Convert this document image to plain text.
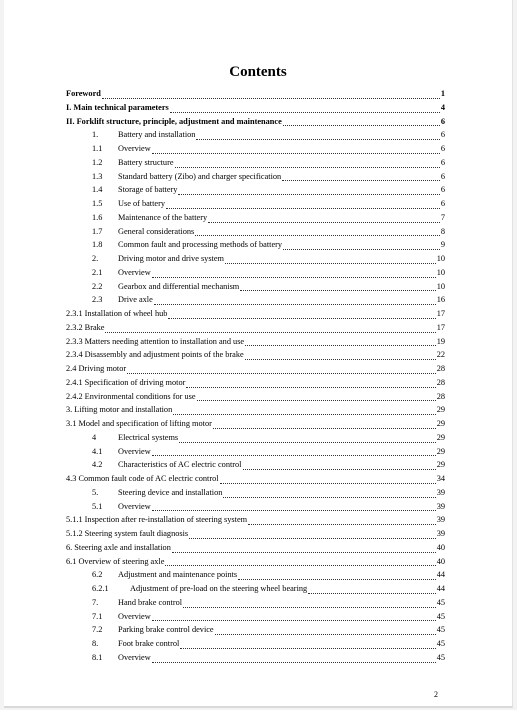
Contents
Foreword	1
I. Main technical parameters	4
II. Forklift structure, principle, adjustment and maintenance	6
1.	Battery and installation	6
1.1	Overview	6
1.2	Battery structure	6
1.3	Standard battery (Zibo) and charger specification	6
1.4	Storage of battery	6
1.5	Use of battery	6
1.6	Maintenance of the battery	7
1.7	General considerations	8
1.8	Common fault and processing methods of battery	9
2.	Driving motor and drive system	10
2.1	Overview	10
2.2	Gearbox and differential mechanism	10
2.3	Drive axle	16
2.3.1 Installation of wheel hub	17
2.3.2 Brake	17
2.3.3 Matters needing attention to installation and use	19
2.3.4 Disassembly and adjustment points of the brake	22
2.4 Driving motor	28
2.4.1 Specification of driving motor	28
2.4.2 Environmental conditions for use	28
3. Lifting motor and installation	29
3.1 Model and specification of lifting motor	29
4	Electrical systems	29
4.1	Overview	29
4.2	Characteristics of AC electric control	29
4.3 Common fault code of AC electric control	34
5.	Steering device and installation	39
5.1	Overview	39
5.1.1 Inspection after re-installation of steering system	39
5.1.2 Steering system fault diagnosis	39
6. Steering axle and installation	40
6.1 Overview of steering axle	40
6.2	Adjustment and maintenance points	44
6.2.1	Adjustment of pre-load on the steering wheel bearing	44
7.	Hand brake control	45
7.1	Overview	45
7.2	Parking brake control device	45
8.	Foot brake control	45
8.1	Overview	45
2
